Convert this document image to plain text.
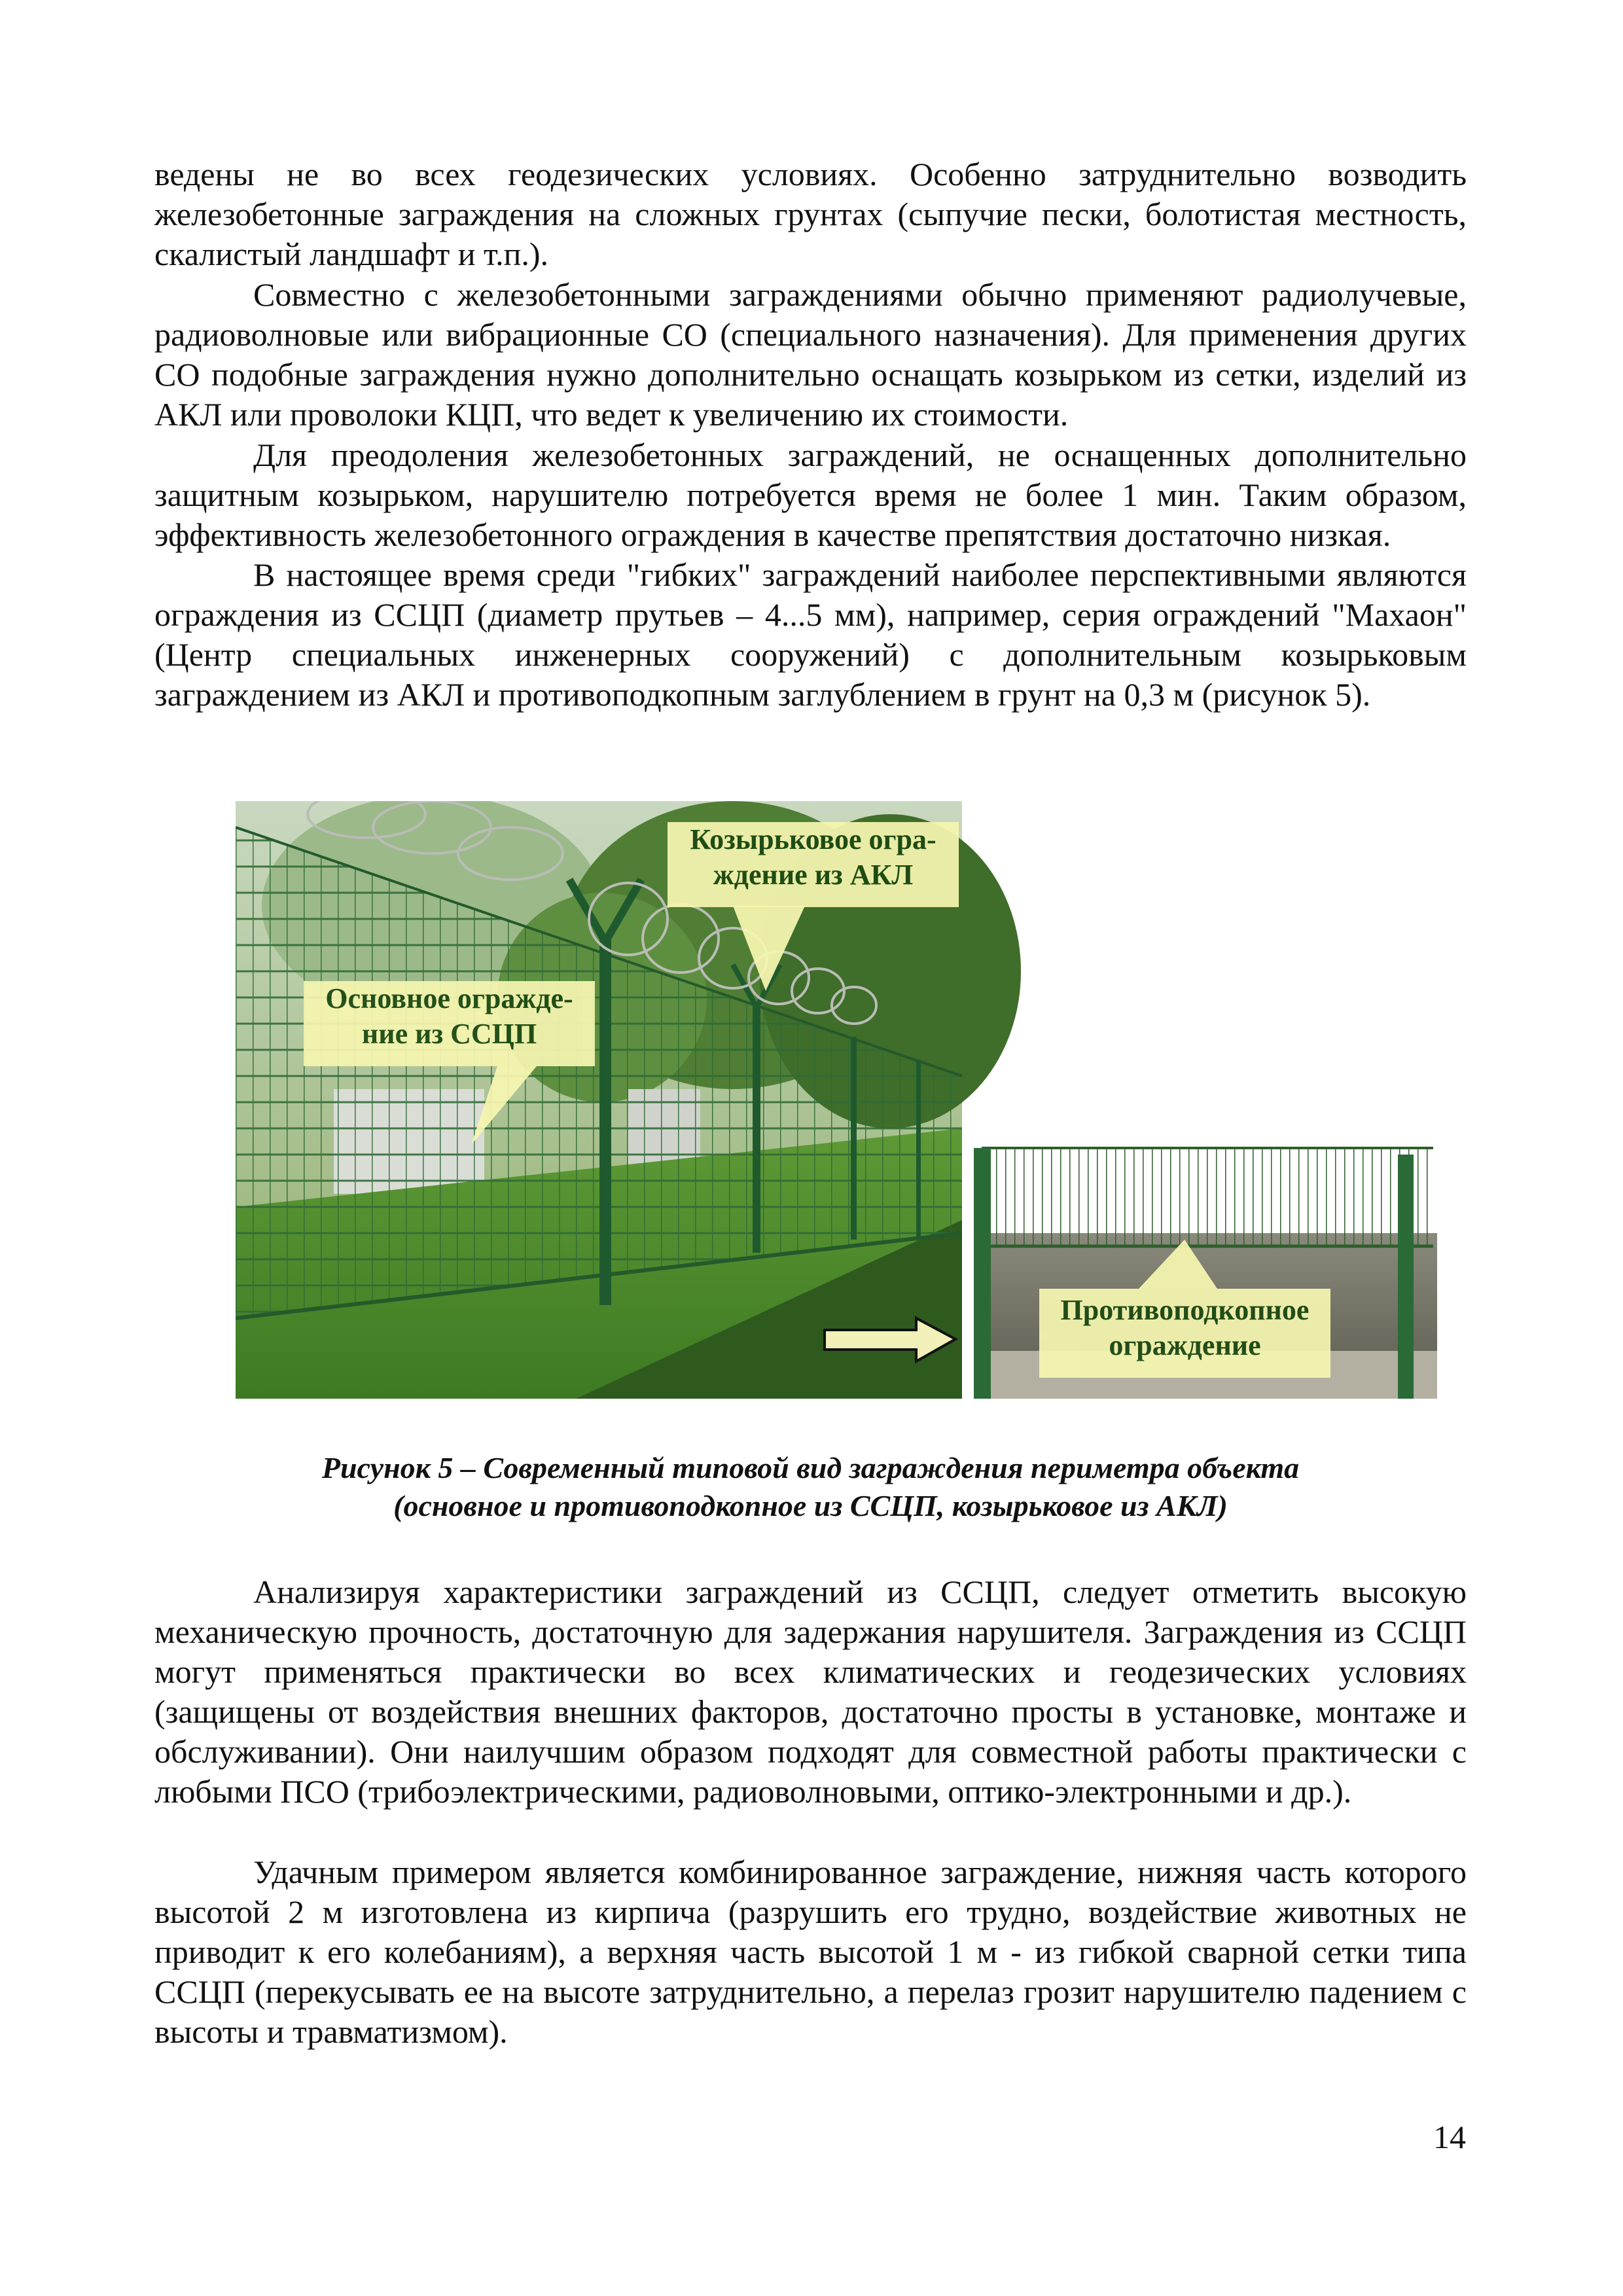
ведены не во всех геодезических условиях. Особенно затруднительно возводить железобетонные заграждения на сложных грунтах (сыпучие пески, болотистая местность, скалистый ландшафт и т.п.).

Совместно с железобетонными заграждениями обычно применяют радиолучевые, радиоволновые или вибрационные СО (специального назначения). Для применения других СО подобные заграждения нужно дополнительно оснащать козырьком из сетки, изделий из АКЛ или проволоки КЦП, что ведет к увеличению их стоимости.

Для преодоления железобетонных заграждений, не оснащенных дополнительно защитным козырьком, нарушителю потребуется время не более 1 мин. Таким образом, эффективность железобетонного ограждения в качестве препятствия достаточно низкая.

В настоящее время среди "гибких" заграждений наиболее перспективными являются ограждения из ССЦП (диаметр прутьев – 4...5 мм), например, серия ограждений "Махаон" (Центр специальных инженерных сооружений) с дополнительным козырьковым заграждением из АКЛ и противоподкопным заглублением в грунт на 0,3 м (рисунок 5).

Козырьковое огра-
ждение из АКЛ
Основное огражде-
ние из ССЦП
Противоподкопное
ограждение
Рисунок 5 – Современный типовой вид заграждения периметра объекта
(основное и противоподкопное из ССЦП, козырьковое из АКЛ)

Анализируя характеристики заграждений из ССЦП, следует отметить высокую механическую прочность, достаточную для задержания нарушителя. Заграждения из ССЦП могут применяться практически во всех климатических и геодезических условиях (защищены от воздействия внешних факторов, достаточно просты в установке, монтаже и обслуживании). Они наилучшим образом подходят для совместной работы практически с любыми ПСО (трибоэлектрическими, радиоволновыми, оптико-электронными и др.).

Удачным примером является комбинированное заграждение, нижняя часть которого высотой 2 м изготовлена из кирпича (разрушить его трудно, воздействие животных не приводит к его колебаниям), а верхняя часть высотой 1 м - из гибкой сварной сетки типа ССЦП (перекусывать ее на высоте затруднительно, а перелаз грозит нарушителю падением с высоты и травматизмом).

14
